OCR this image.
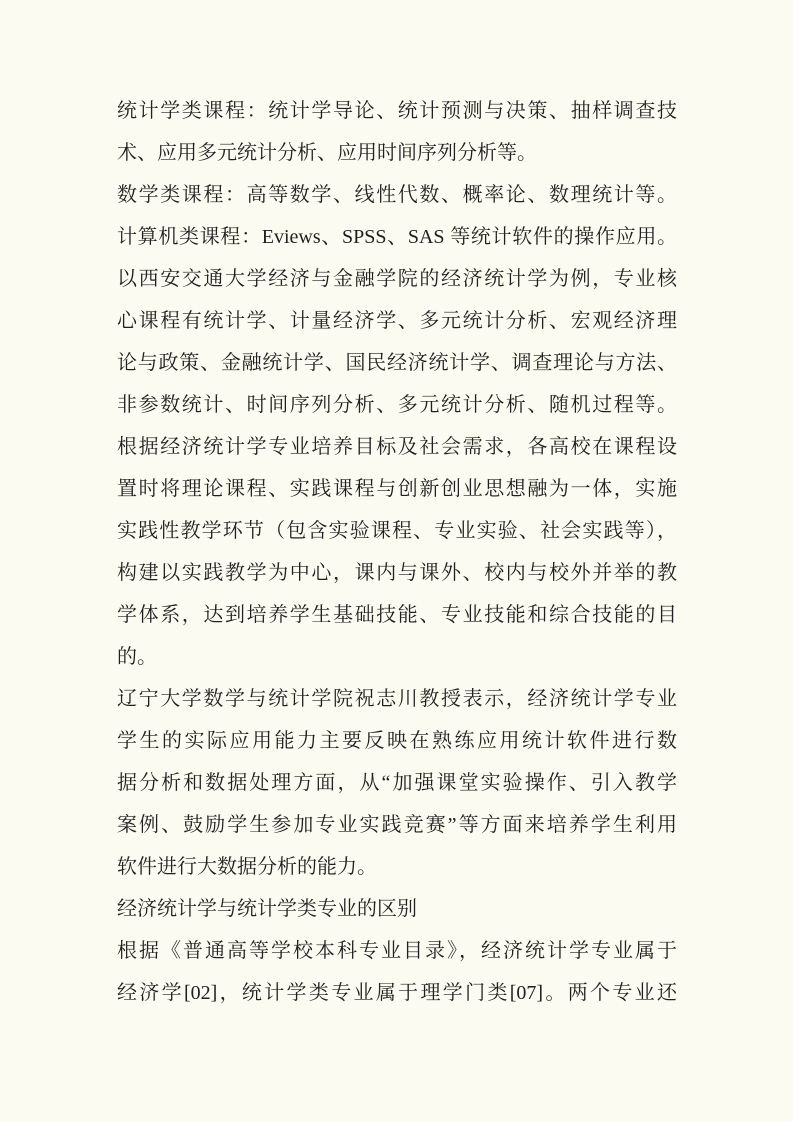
统计学类课程：统计学导论、统计预测与决策、抽样调查技
术、应用多元统计分析、应用时间序列分析等。
数学类课程：高等数学、线性代数、概率论、数理统计等。
计算机类课程：Eviews、SPSS、SAS 等统计软件的操作应用。
以西安交通大学经济与金融学院的经济统计学为例，专业核
心课程有统计学、计量经济学、多元统计分析、宏观经济理
论与政策、金融统计学、国民经济统计学、调查理论与方法、
非参数统计、时间序列分析、多元统计分析、随机过程等。
根据经济统计学专业培养目标及社会需求，各高校在课程设
置时将理论课程、实践课程与创新创业思想融为一体，实施
实践性教学环节（包含实验课程、专业实验、社会实践等），
构建以实践教学为中心，课内与课外、校内与校外并举的教
学体系，达到培养学生基础技能、专业技能和综合技能的目
的。
辽宁大学数学与统计学院祝志川教授表示，经济统计学专业
学生的实际应用能力主要反映在熟练应用统计软件进行数
据分析和数据处理方面，从“加强课堂实验操作、引入教学
案例、鼓励学生参加专业实践竞赛”等方面来培养学生利用
软件进行大数据分析的能力。
经济统计学与统计学类专业的区别
根据《普通高等学校本科专业目录》，经济统计学专业属于
经济学[02]，统计学类专业属于理学门类[07]。两个专业还
